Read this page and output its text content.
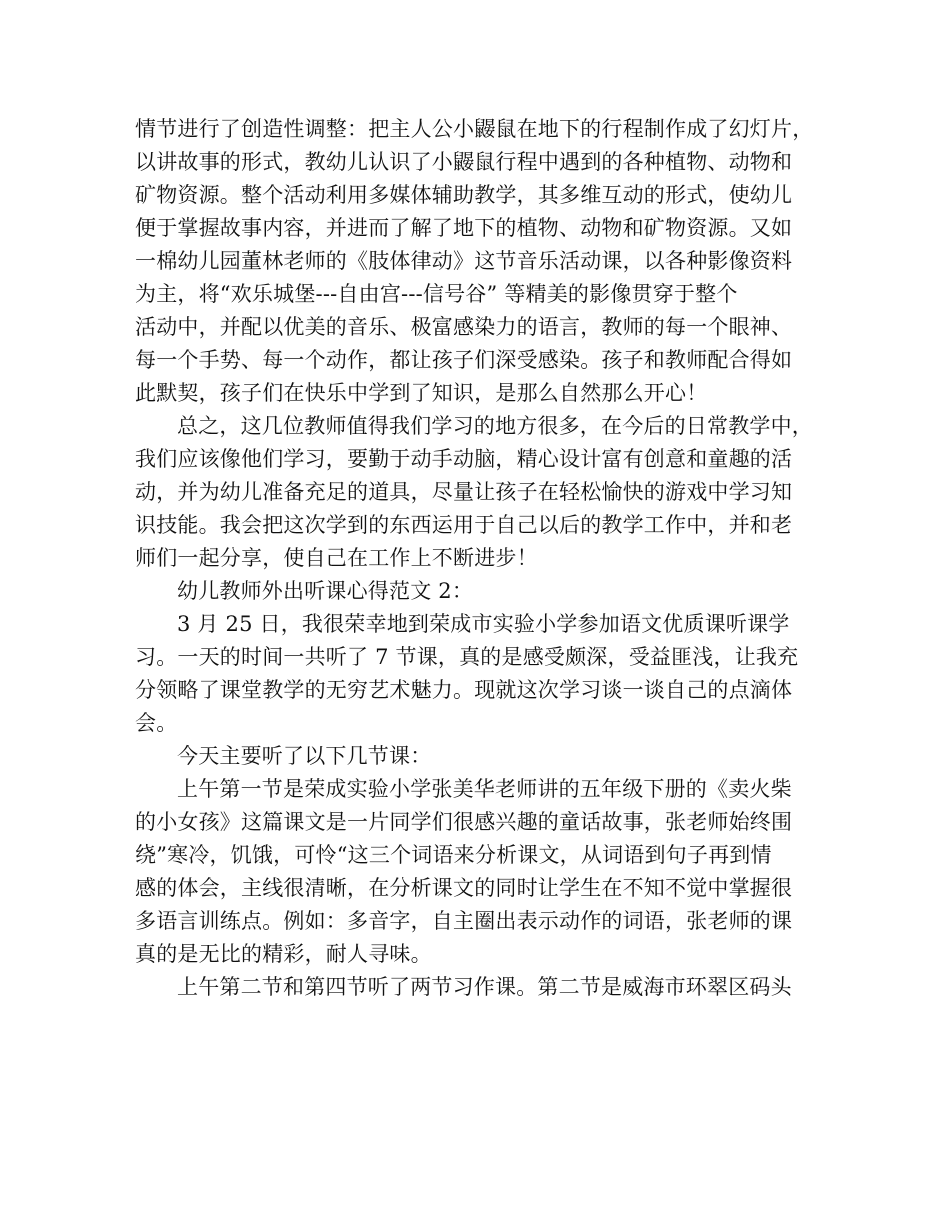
情节进行了创造性调整：把主人公小鼹鼠在地下的行程制作成了幻灯片，
以讲故事的形式，教幼儿认识了小鼹鼠行程中遇到的各种植物、动物和
矿物资源。整个活动利用多媒体辅助教学，其多维互动的形式，使幼儿
便于掌握故事内容，并进而了解了地下的植物、动物和矿物资源。又如
一棉幼儿园董林老师的《肢体律动》这节音乐活动课，以各种影像资料
为主，将“欢乐城堡---自由宫---信号谷” 等精美的影像贯穿于整个
活动中，并配以优美的音乐、极富感染力的语言，教师的每一个眼神、
每一个手势、每一个动作，都让孩子们深受感染。孩子和教师配合得如
此默契，孩子们在快乐中学到了知识，是那么自然那么开心！
总之，这几位教师值得我们学习的地方很多，在今后的日常教学中，
我们应该像他们学习，要勤于动手动脑，精心设计富有创意和童趣的活
动，并为幼儿准备充足的道具，尽量让孩子在轻松愉快的游戏中学习知
识技能。我会把这次学到的东西运用于自己以后的教学工作中，并和老
师们一起分享，使自己在工作上不断进步！
幼儿教师外出听课心得范文 2：
3 月 25 日，我很荣幸地到荣成市实验小学参加语文优质课听课学
习。一天的时间一共听了 7 节课，真的是感受颇深，受益匪浅，让我充
分领略了课堂教学的无穷艺术魅力。现就这次学习谈一谈自己的点滴体
会。
今天主要听了以下几节课：
上午第一节是荣成实验小学张美华老师讲的五年级下册的《卖火柴
的小女孩》这篇课文是一片同学们很感兴趣的童话故事，张老师始终围
绕”寒冷，饥饿，可怜“这三个词语来分析课文，从词语到句子再到情
感的体会，主线很清晰，在分析课文的同时让学生在不知不觉中掌握很
多语言训练点。例如：多音字，自主圈出表示动作的词语，张老师的课
真的是无比的精彩，耐人寻味。
上午第二节和第四节听了两节习作课。第二节是威海市环翠区码头
